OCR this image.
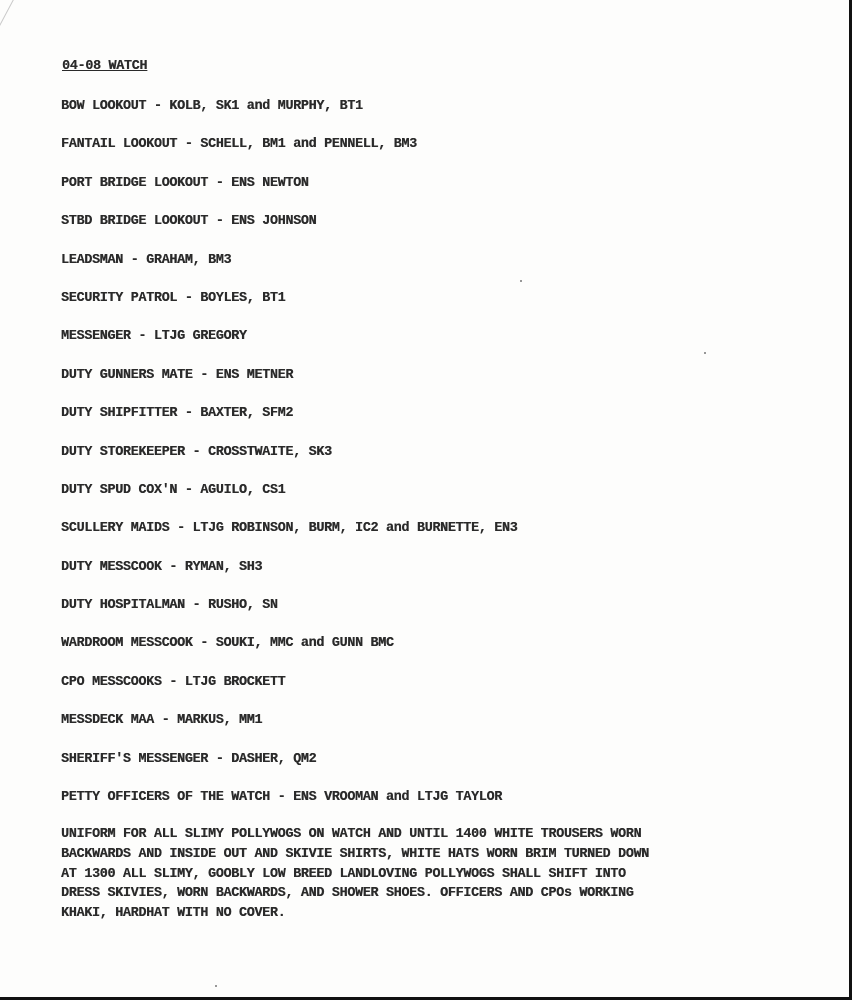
04-08 WATCH
BOW LOOKOUT - KOLB, SK1 and MURPHY, BT1
FANTAIL LOOKOUT - SCHELL, BM1 and PENNELL, BM3
PORT BRIDGE LOOKOUT - ENS NEWTON
STBD BRIDGE LOOKOUT - ENS JOHNSON
LEADSMAN - GRAHAM, BM3
SECURITY PATROL - BOYLES, BT1
MESSENGER - LTJG GREGORY
DUTY GUNNERS MATE - ENS METNER
DUTY SHIPFITTER - BAXTER, SFM2
DUTY STOREKEEPER - CROSSTWAITE, SK3
DUTY SPUD COX'N - AGUILO, CS1
SCULLERY MAIDS - LTJG ROBINSON, BURM, IC2 and BURNETTE, EN3
DUTY MESSCOOK - RYMAN, SH3
DUTY HOSPITALMAN - RUSHO, SN
WARDROOM MESSCOOK - SOUKI, MMC and GUNN BMC
CPO MESSCOOKS - LTJG BROCKETT
MESSDECK MAA - MARKUS, MM1
SHERIFF'S MESSENGER - DASHER, QM2
PETTY OFFICERS OF THE WATCH - ENS VROOMAN and LTJG TAYLOR

UNIFORM FOR ALL SLIMY POLLYWOGS ON WATCH AND UNTIL 1400 WHITE TROUSERS WORN
BACKWARDS AND INSIDE OUT AND SKIVIE SHIRTS, WHITE HATS WORN BRIM TURNED DOWN
AT 1300 ALL SLIMY, GOOBLY LOW BREED LANDLOVING POLLYWOGS SHALL SHIFT INTO
DRESS SKIVIES, WORN BACKWARDS, AND SHOWER SHOES. OFFICERS AND CPOs WORKING
KHAKI, HARDHAT WITH NO COVER.
